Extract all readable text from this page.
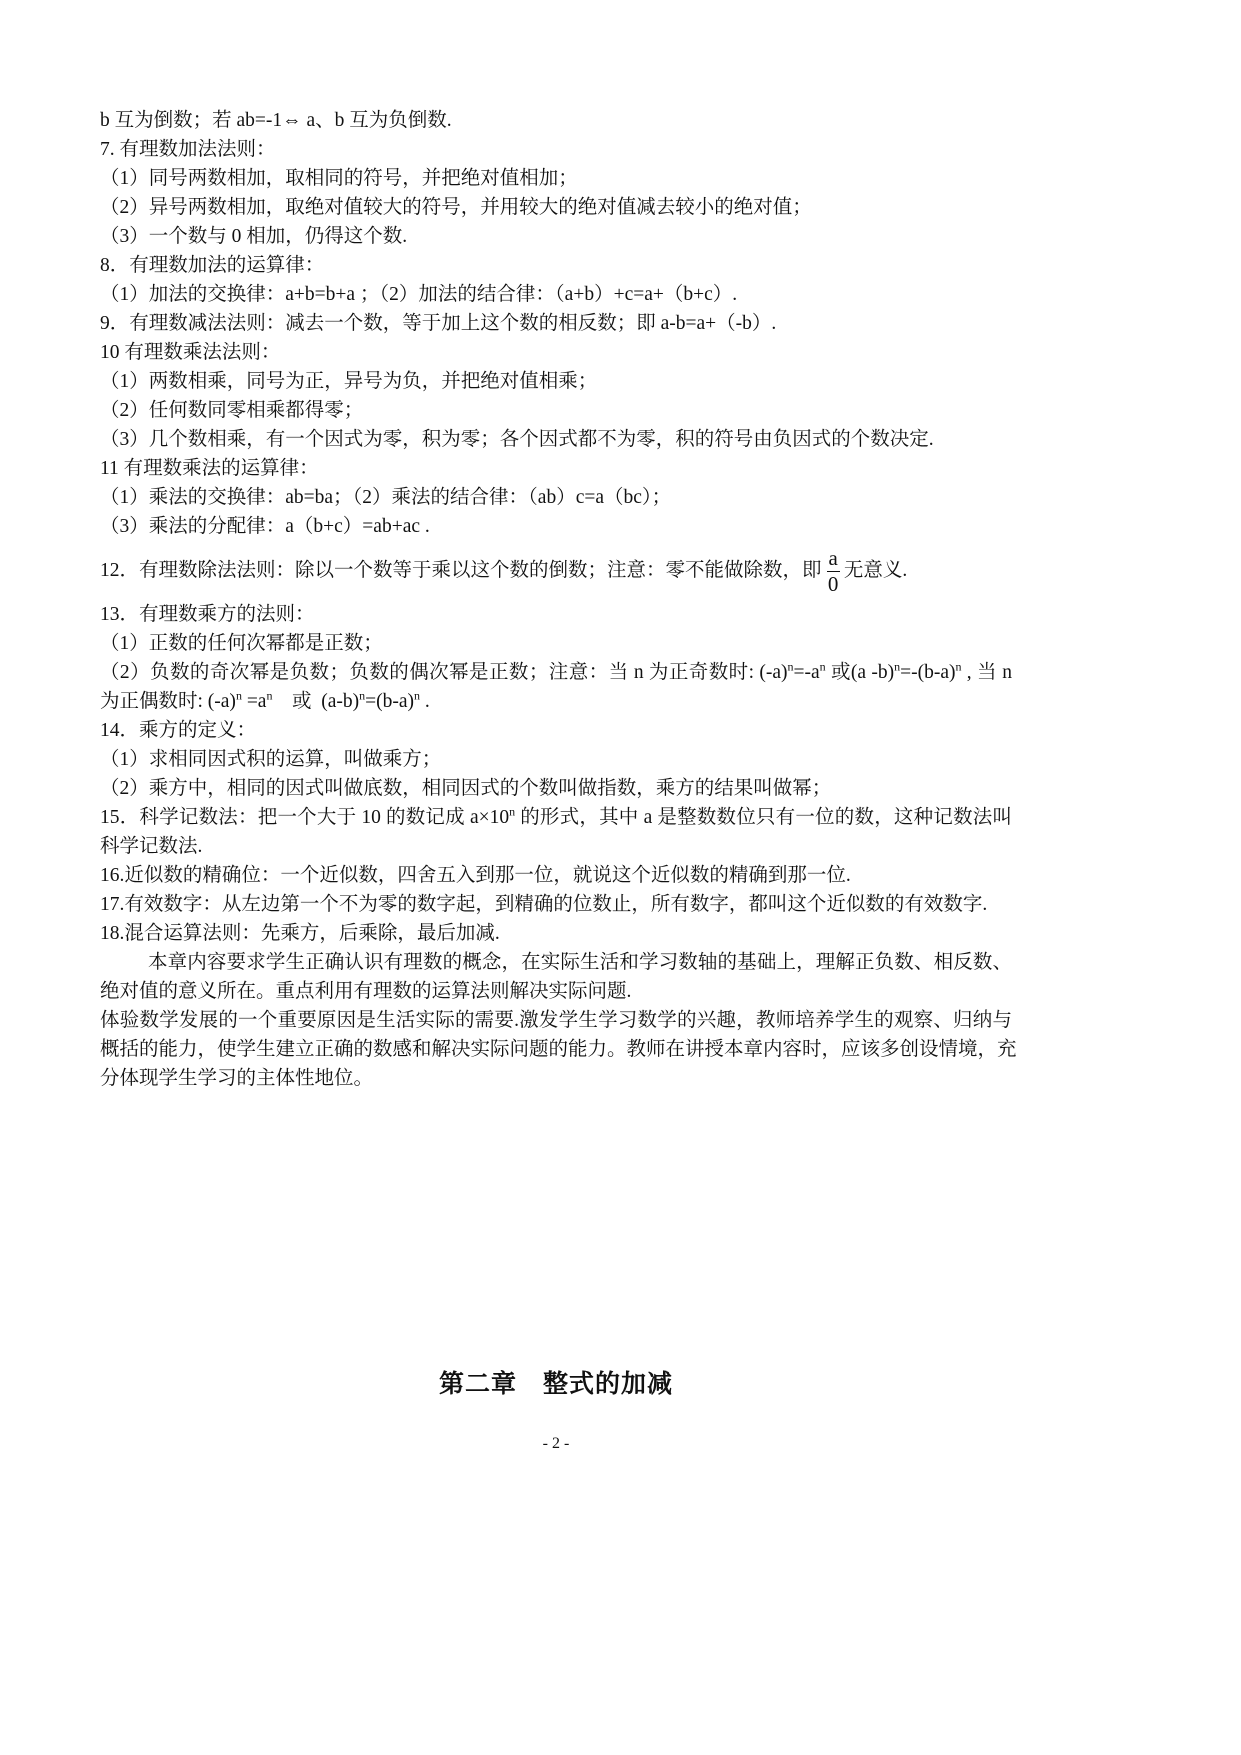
b 互为倒数；若 ab=-1⇔ a、b 互为负倒数.
7. 有理数加法法则：
（1）同号两数相加，取相同的符号，并把绝对值相加；
（2）异号两数相加，取绝对值较大的符号，并用较大的绝对值减去较小的绝对值；
（3）一个数与 0 相加，仍得这个数.
8．有理数加法的运算律：
（1）加法的交换律：a+b=b+a ；（2）加法的结合律：（a+b）+c=a+（b+c）.
9．有理数减法法则：减去一个数，等于加上这个数的相反数；即 a-b=a+（-b）.
10 有理数乘法法则：
（1）两数相乘，同号为正，异号为负，并把绝对值相乘；
（2）任何数同零相乘都得零；
（3）几个数相乘，有一个因式为零，积为零；各个因式都不为零，积的符号由负因式的个数决定.
11 有理数乘法的运算律：
（1）乘法的交换律：ab=ba；（2）乘法的结合律：（ab）c=a（bc）；
（3）乘法的分配律：a（b+c）=ab+ac .
12．有理数除法法则：除以一个数等于乘以这个数的倒数；注意：零不能做除数，即 $\frac{a}{0}$ 无意义.
13．有理数乘方的法则：
（1）正数的任何次幂都是正数；
（2）负数的奇次幂是负数；负数的偶次幂是正数；注意：当 n 为正奇数时: $(-a)^n=-a^n$ 或(a $-b)^n=-(b-a)^n$ , 当 n
为正偶数时: $(-a)^n =a^n$    或  $(a-b)^n=(b-a)^n$ .
14．乘方的定义：
（1）求相同因式积的运算，叫做乘方；
（2）乘方中，相同的因式叫做底数，相同因式的个数叫做指数，乘方的结果叫做幂；
15．科学记数法：把一个大于 10 的数记成 $a\times 10^n$ 的形式，其中 a 是整数数位只有一位的数，这种记数法叫
科学记数法.
16.近似数的精确位：一个近似数，四舍五入到那一位，就说这个近似数的精确到那一位.
17.有效数字：从左边第一个不为零的数字起，到精确的位数止，所有数字，都叫这个近似数的有效数字.
18.混合运算法则：先乘方，后乘除，最后加减.
本章内容要求学生正确认识有理数的概念，在实际生活和学习数轴的基础上，理解正负数、相反数、
绝对值的意义所在。重点利用有理数的运算法则解决实际问题.
体验数学发展的一个重要原因是生活实际的需要.激发学生学习数学的兴趣，教师培养学生的观察、归纳与
概括的能力，使学生建立正确的数感和解决实际问题的能力。教师在讲授本章内容时，应该多创设情境，充
分体现学生学习的主体性地位。
第二章　整式的加减
- 2 -
